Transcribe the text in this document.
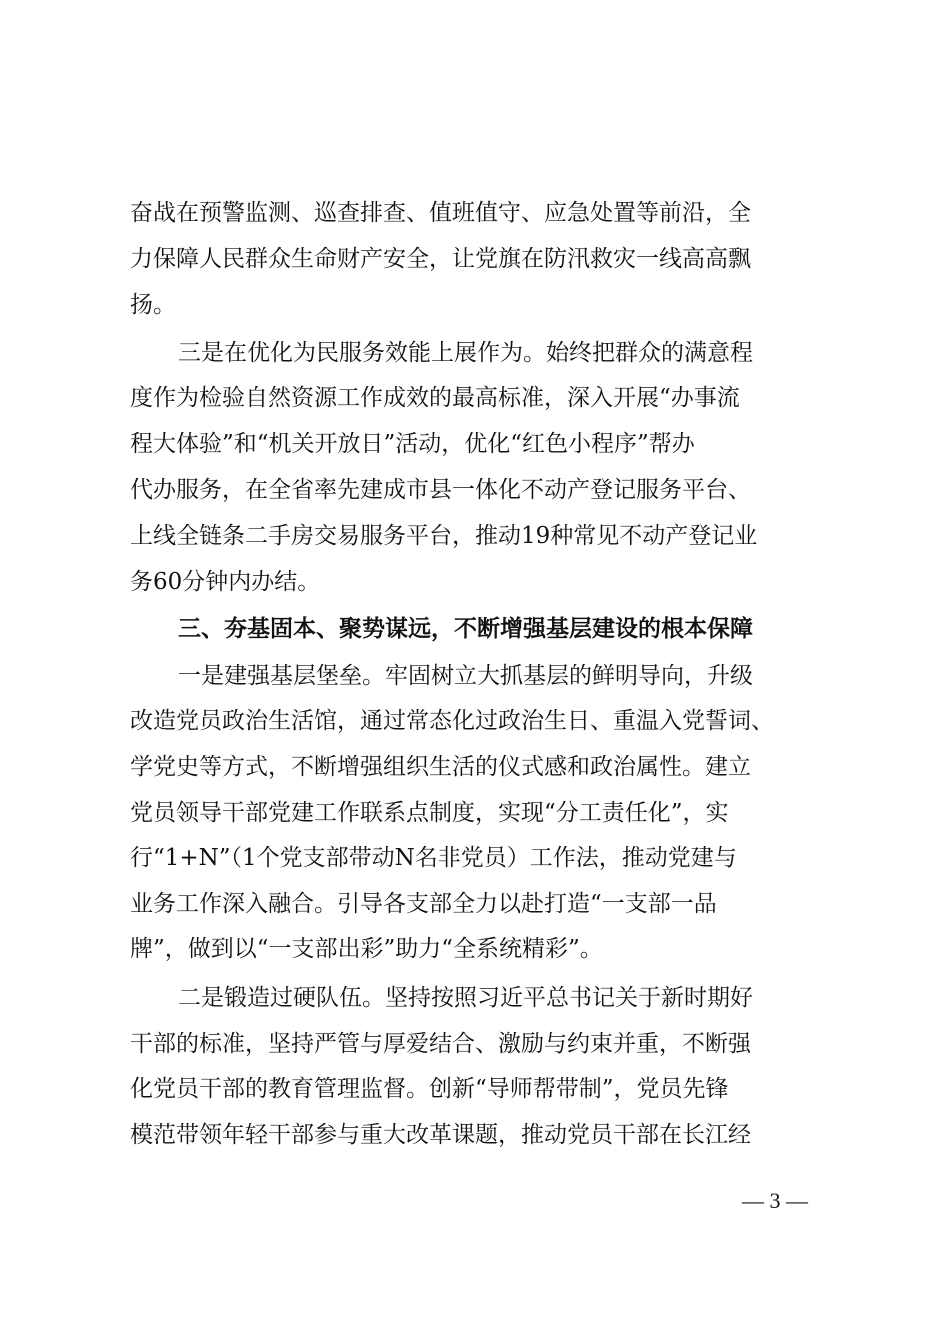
奋战在预警监测、巡查排查、值班值守、应急处置等前沿，全
力保障人民群众生命财产安全，让党旗在防汛救灾一线高高飘
扬。
三是在优化为民服务效能上展作为。始终把群众的满意程
度作为检验自然资源工作成效的最高标准，深入开展“办事流
程大体验”和“机关开放日”活动，优化“红色小程序”帮办
代办服务，在全省率先建成市县一体化不动产登记服务平台、
上线全链条二手房交易服务平台，推动19种常见不动产登记业
务60分钟内办结。
三、夯基固本、聚势谋远，不断增强基层建设的根本保障
一是建强基层堡垒。牢固树立大抓基层的鲜明导向，升级
改造党员政治生活馆，通过常态化过政治生日、重温入党誓词、
学党史等方式，不断增强组织生活的仪式感和政治属性。建立
党员领导干部党建工作联系点制度，实现“分工责任化”，实
行“1+N”（1个党支部带动N名非党员）工作法，推动党建与
业务工作深入融合。引导各支部全力以赴打造“一支部一品
牌”，做到以“一支部出彩”助力“全系统精彩”。
二是锻造过硬队伍。坚持按照习近平总书记关于新时期好
干部的标准，坚持严管与厚爱结合、激励与约束并重，不断强
化党员干部的教育管理监督。创新“导师帮带制”，党员先锋
模范带领年轻干部参与重大改革课题，推动党员干部在长江经
— 3 —
